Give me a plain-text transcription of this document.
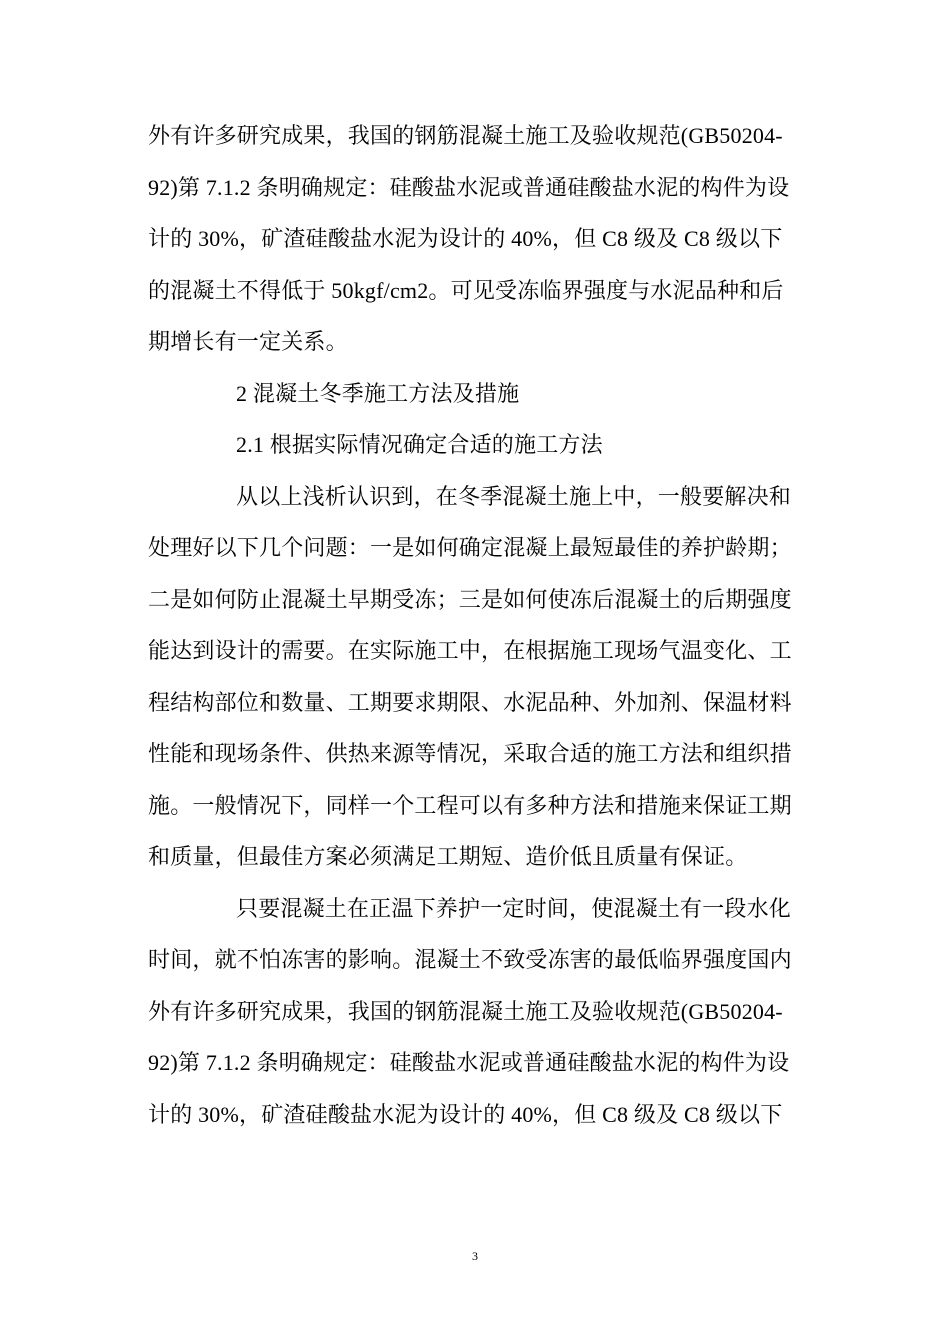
外有许多研究成果，我国的钢筋混凝土施工及验收规范(GB50204-
92)第 7.1.2 条明确规定：硅酸盐水泥或普通硅酸盐水泥的构件为设
计的 30%，矿渣硅酸盐水泥为设计的 40%，但 C8 级及 C8 级以下
的混凝土不得低于 50kgf/cm2。可见受冻临界强度与水泥品种和后
期增长有一定关系。
2 混凝土冬季施工方法及措施
2.1 根据实际情况确定合适的施工方法
从以上浅析认识到，在冬季混凝土施上中，一般要解决和
处理好以下几个问题：一是如何确定混凝上最短最佳的养护龄期；
二是如何防止混凝土早期受冻；三是如何使冻后混凝土的后期强度
能达到设计的需要。在实际施工中，在根据施工现场气温变化、工
程结构部位和数量、工期要求期限、水泥品种、外加剂、保温材料
性能和现场条件、供热来源等情况，采取合适的施工方法和组织措
施。一般情况下，同样一个工程可以有多种方法和措施来保证工期
和质量，但最佳方案必须满足工期短、造价低且质量有保证。
只要混凝土在正温下养护一定时间，使混凝土有一段水化
时间，就不怕冻害的影响。混凝土不致受冻害的最低临界强度国内
外有许多研究成果，我国的钢筋混凝土施工及验收规范(GB50204-
92)第 7.1.2 条明确规定：硅酸盐水泥或普通硅酸盐水泥的构件为设
计的 30%，矿渣硅酸盐水泥为设计的 40%，但 C8 级及 C8 级以下
3
